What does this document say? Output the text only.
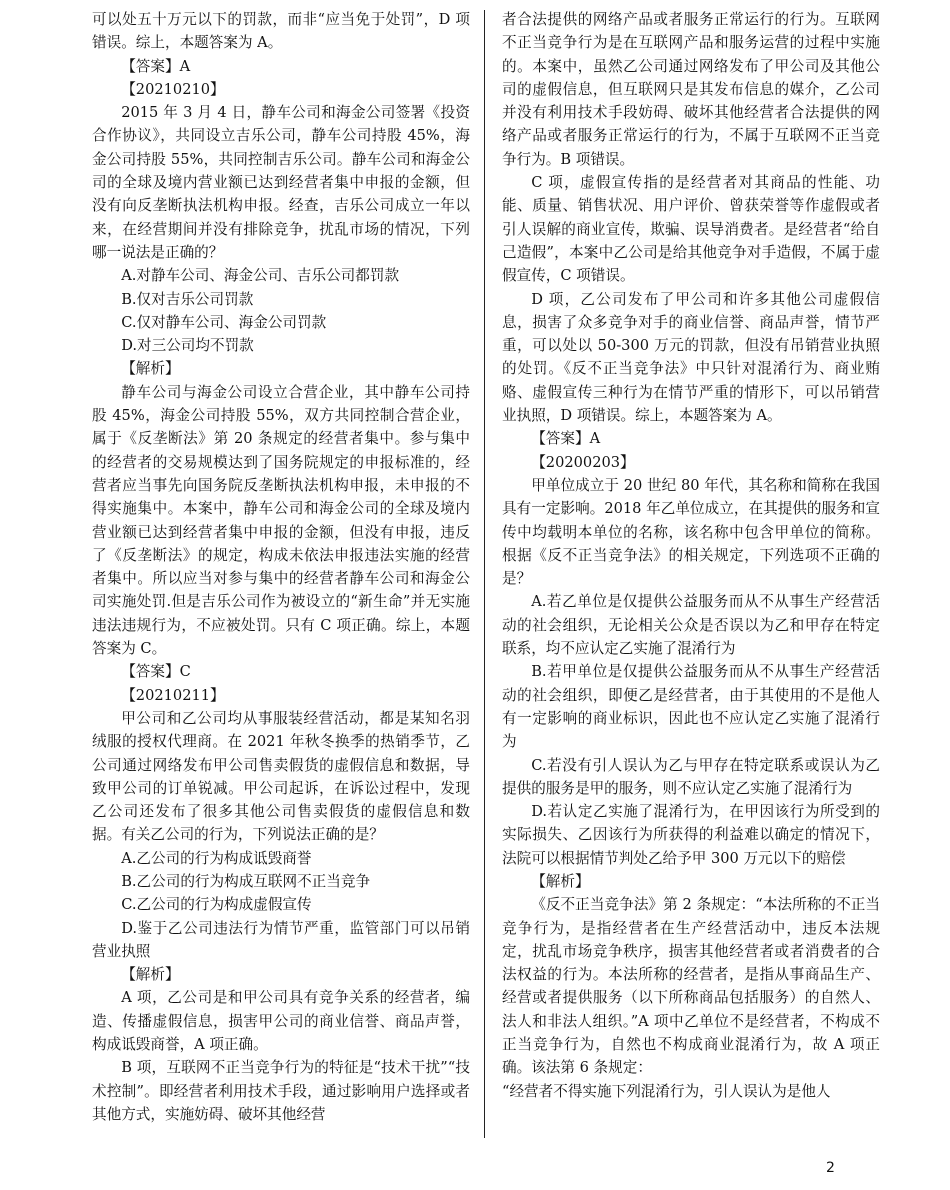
可以处五十万元以下的罚款，而非“应当免于处罚”，D 项错误。综上，本题答案为 A。

【答案】A

【20210210】

2015 年 3 月 4 日，静车公司和海金公司签署《投资合作协议》，共同设立吉乐公司，静车公司持股 45%，海金公司持股 55%，共同控制吉乐公司。静车公司和海金公司的全球及境内营业额已达到经营者集中申报的金额，但没有向反垄断执法机构申报。经查，吉乐公司成立一年以来，在经营期间并没有排除竞争，扰乱市场的情况，下列哪一说法是正确的？

A.对静车公司、海金公司、吉乐公司都罚款

B.仅对吉乐公司罚款

C.仅对静车公司、海金公司罚款

D.对三公司均不罚款

【解析】

静车公司与海金公司设立合营企业，其中静车公司持股 45%，海金公司持股 55%，双方共同控制合营企业，属于《反垄断法》第 20 条规定的经营者集中。参与集中的经营者的交易规模达到了国务院规定的申报标准的，经营者应当事先向国务院反垄断执法机构申报，未申报的不得实施集中。本案中，静车公司和海金公司的全球及境内营业额已达到经营者集中申报的金额，但没有申报，违反了《反垄断法》的规定，构成未依法申报违法实施的经营者集中。所以应当对参与集中的经营者静车公司和海金公司实施处罚.但是吉乐公司作为被设立的“新生命”并无实施违法违规行为，不应被处罚。只有 C 项正确。综上，本题答案为 C。

【答案】C

【20210211】

甲公司和乙公司均从事服装经营活动，都是某知名羽绒服的授权代理商。在 2021 年秋冬换季的热销季节，乙公司通过网络发布甲公司售卖假货的虚假信息和数据，导致甲公司的订单锐减。甲公司起诉，在诉讼过程中，发现乙公司还发布了很多其他公司售卖假货的虚假信息和数据。有关乙公司的行为，下列说法正确的是？

A.乙公司的行为构成诋毁商誉

B.乙公司的行为构成互联网不正当竞争

C.乙公司的行为构成虚假宣传

D.鉴于乙公司违法行为情节严重，监管部门可以吊销营业执照

【解析】

A 项，乙公司是和甲公司具有竞争关系的经营者，编造、传播虚假信息，损害甲公司的商业信誉、商品声誉，构成诋毁商誉，A 项正确。

B 项，互联网不正当竞争行为的特征是“技术干扰”“技术控制”。即经营者利用技术手段，通过影响用户选择或者其他方式，实施妨碍、破坏其他经营

者合法提供的网络产品或者服务正常运行的行为。互联网不正当竞争行为是在互联网产品和服务运营的过程中实施的。本案中，虽然乙公司通过网络发布了甲公司及其他公司的虚假信息，但互联网只是其发布信息的媒介，乙公司并没有利用技术手段妨碍、破坏其他经营者合法提供的网络产品或者服务正常运行的行为，不属于互联网不正当竞争行为。B 项错误。

C 项，虚假宣传指的是经营者对其商品的性能、功能、质量、销售状况、用户评价、曾获荣誉等作虚假或者引人误解的商业宣传，欺骗、误导消费者。是经营者“给自己造假”，本案中乙公司是给其他竞争对手造假，不属于虚假宣传，C 项错误。

D 项，乙公司发布了甲公司和许多其他公司虚假信息，损害了众多竞争对手的商业信誉、商品声誉，情节严重，可以处以 50-300 万元的罚款，但没有吊销营业执照的处罚。《反不正当竞争法》中只针对混淆行为、商业贿赂、虚假宣传三种行为在情节严重的情形下，可以吊销营业执照，D 项错误。综上，本题答案为 A。

【答案】A

【20200203】

甲单位成立于 20 世纪 80 年代，其名称和简称在我国具有一定影响。2018 年乙单位成立，在其提供的服务和宣传中均载明本单位的名称，该名称中包含甲单位的简称。根据《反不正当竞争法》的相关规定，下列选项不正确的是？

A.若乙单位是仅提供公益服务而从不从事生产经营活动的社会组织，无论相关公众是否误以为乙和甲存在特定联系，均不应认定乙实施了混淆行为

B.若甲单位是仅提供公益服务而从不从事生产经营活动的社会组织，即便乙是经营者，由于其使用的不是他人有一定影响的商业标识，因此也不应认定乙实施了混淆行为

C.若没有引人误认为乙与甲存在特定联系或误认为乙提供的服务是甲的服务，则不应认定乙实施了混淆行为

D.若认定乙实施了混淆行为，在甲因该行为所受到的实际损失、乙因该行为所获得的利益难以确定的情况下，法院可以根据情节判处乙给予甲 300 万元以下的赔偿

【解析】

《反不正当竞争法》第 2 条规定：“本法所称的不正当竞争行为，是指经营者在生产经营活动中，违反本法规定，扰乱市场竞争秩序，损害其他经营者或者消费者的合法权益的行为。本法所称的经营者，是指从事商品生产、经营或者提供服务（以下所称商品包括服务）的自然人、法人和非法人组织。”A 项中乙单位不是经营者，不构成不正当竞争行为，自然也不构成商业混淆行为，故 A 项正确。该法第 6 条规定：

“经营者不得实施下列混淆行为，引人误认为是他人

2
